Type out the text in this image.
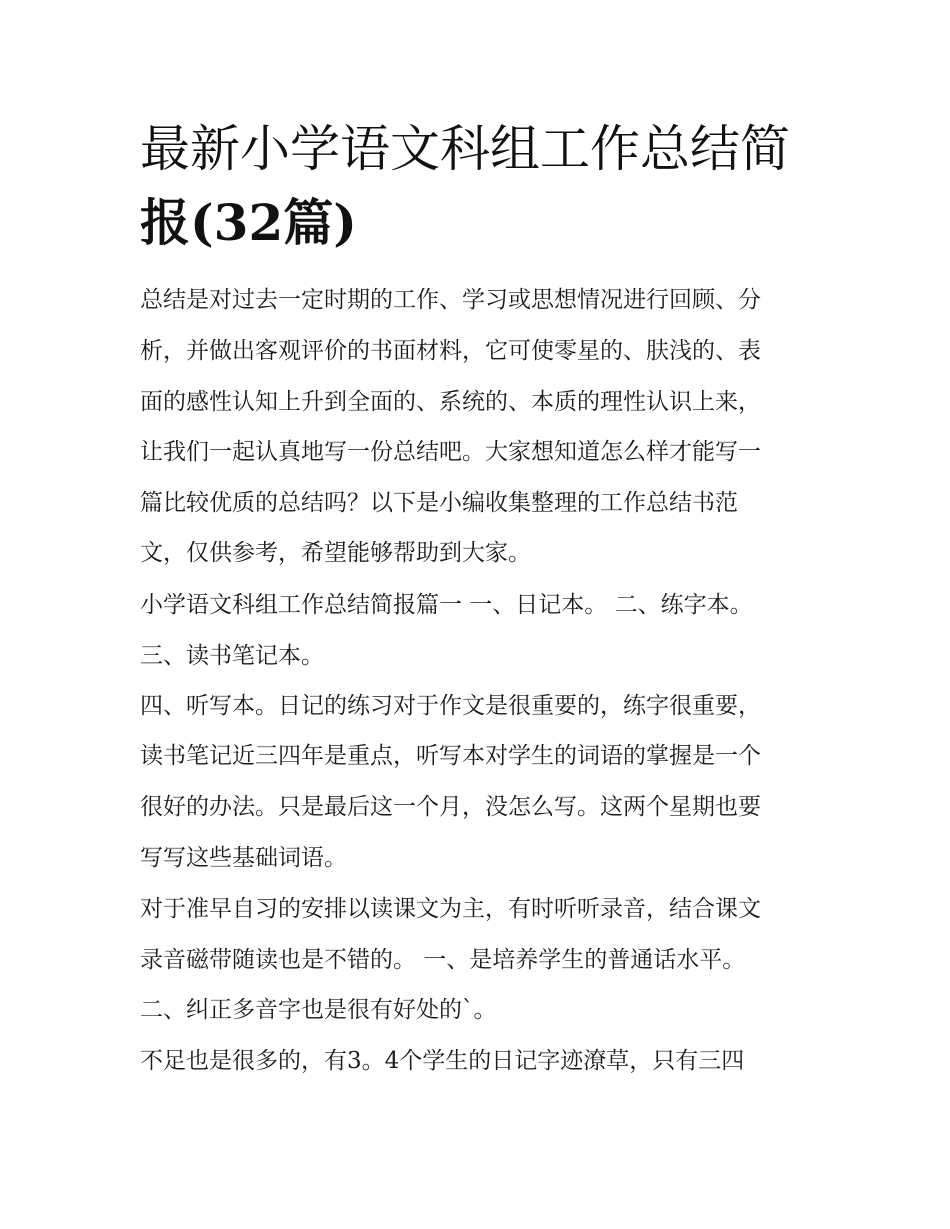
最新小学语文科组工作总结简
报(32篇)

总结是对过去一定时期的工作、学习或思想情况进行回顾、分

析，并做出客观评价的书面材料，它可使零星的、肤浅的、表

面的感性认知上升到全面的、系统的、本质的理性认识上来，

让我们一起认真地写一份总结吧。大家想知道怎么样才能写一

篇比较优质的总结吗？以下是小编收集整理的工作总结书范

文，仅供参考，希望能够帮助到大家。

小学语文科组工作总结简报篇一 一、日记本。 二、练字本。

三、读书笔记本。

四、听写本。日记的练习对于作文是很重要的，练字很重要，

读书笔记近三四年是重点，听写本对学生的词语的掌握是一个

很好的办法。只是最后这一个月，没怎么写。这两个星期也要

写写这些基础词语。

对于准早自习的安排以读课文为主，有时听听录音，结合课文

录音磁带随读也是不错的。 一、是培养学生的普通话水平。

二、纠正多音字也是很有好处的`。

不足也是很多的，有3。4个学生的日记字迹潦草，只有三四
